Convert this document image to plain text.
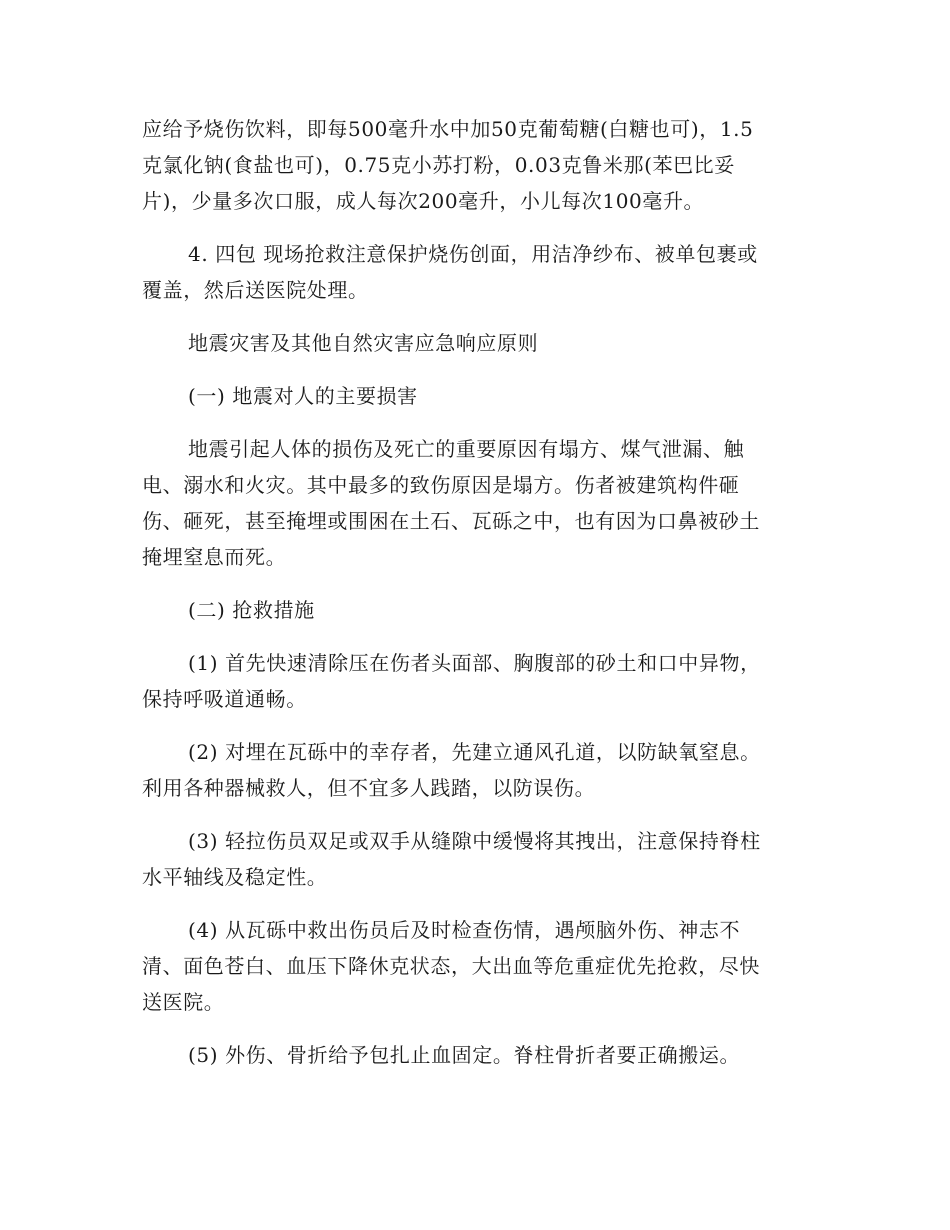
应给予烧伤饮料，即每500毫升水中加50克葡萄糖(白糖也可)，1.5
克氯化钠(食盐也可)，0.75克小苏打粉，0.03克鲁米那(苯巴比妥
片)，少量多次口服，成人每次200毫升，小儿每次100毫升。
4. 四包 现场抢救注意保护烧伤创面，用洁净纱布、被单包裹或
覆盖，然后送医院处理。
地震灾害及其他自然灾害应急响应原则
(一) 地震对人的主要损害
地震引起人体的损伤及死亡的重要原因有塌方、煤气泄漏、触
电、溺水和火灾。其中最多的致伤原因是塌方。伤者被建筑构件砸
伤、砸死，甚至掩埋或围困在土石、瓦砾之中，也有因为口鼻被砂土
掩埋窒息而死。
(二) 抢救措施
(1) 首先快速清除压在伤者头面部、胸腹部的砂土和口中异物，
保持呼吸道通畅。
(2) 对埋在瓦砾中的幸存者，先建立通风孔道，以防缺氧窒息。
利用各种器械救人，但不宜多人践踏，以防误伤。
(3) 轻拉伤员双足或双手从缝隙中缓慢将其拽出，注意保持脊柱
水平轴线及稳定性。
(4) 从瓦砾中救出伤员后及时检查伤情，遇颅脑外伤、神志不
清、面色苍白、血压下降休克状态，大出血等危重症优先抢救，尽快
送医院。
(5) 外伤、骨折给予包扎止血固定。脊柱骨折者要正确搬运。
